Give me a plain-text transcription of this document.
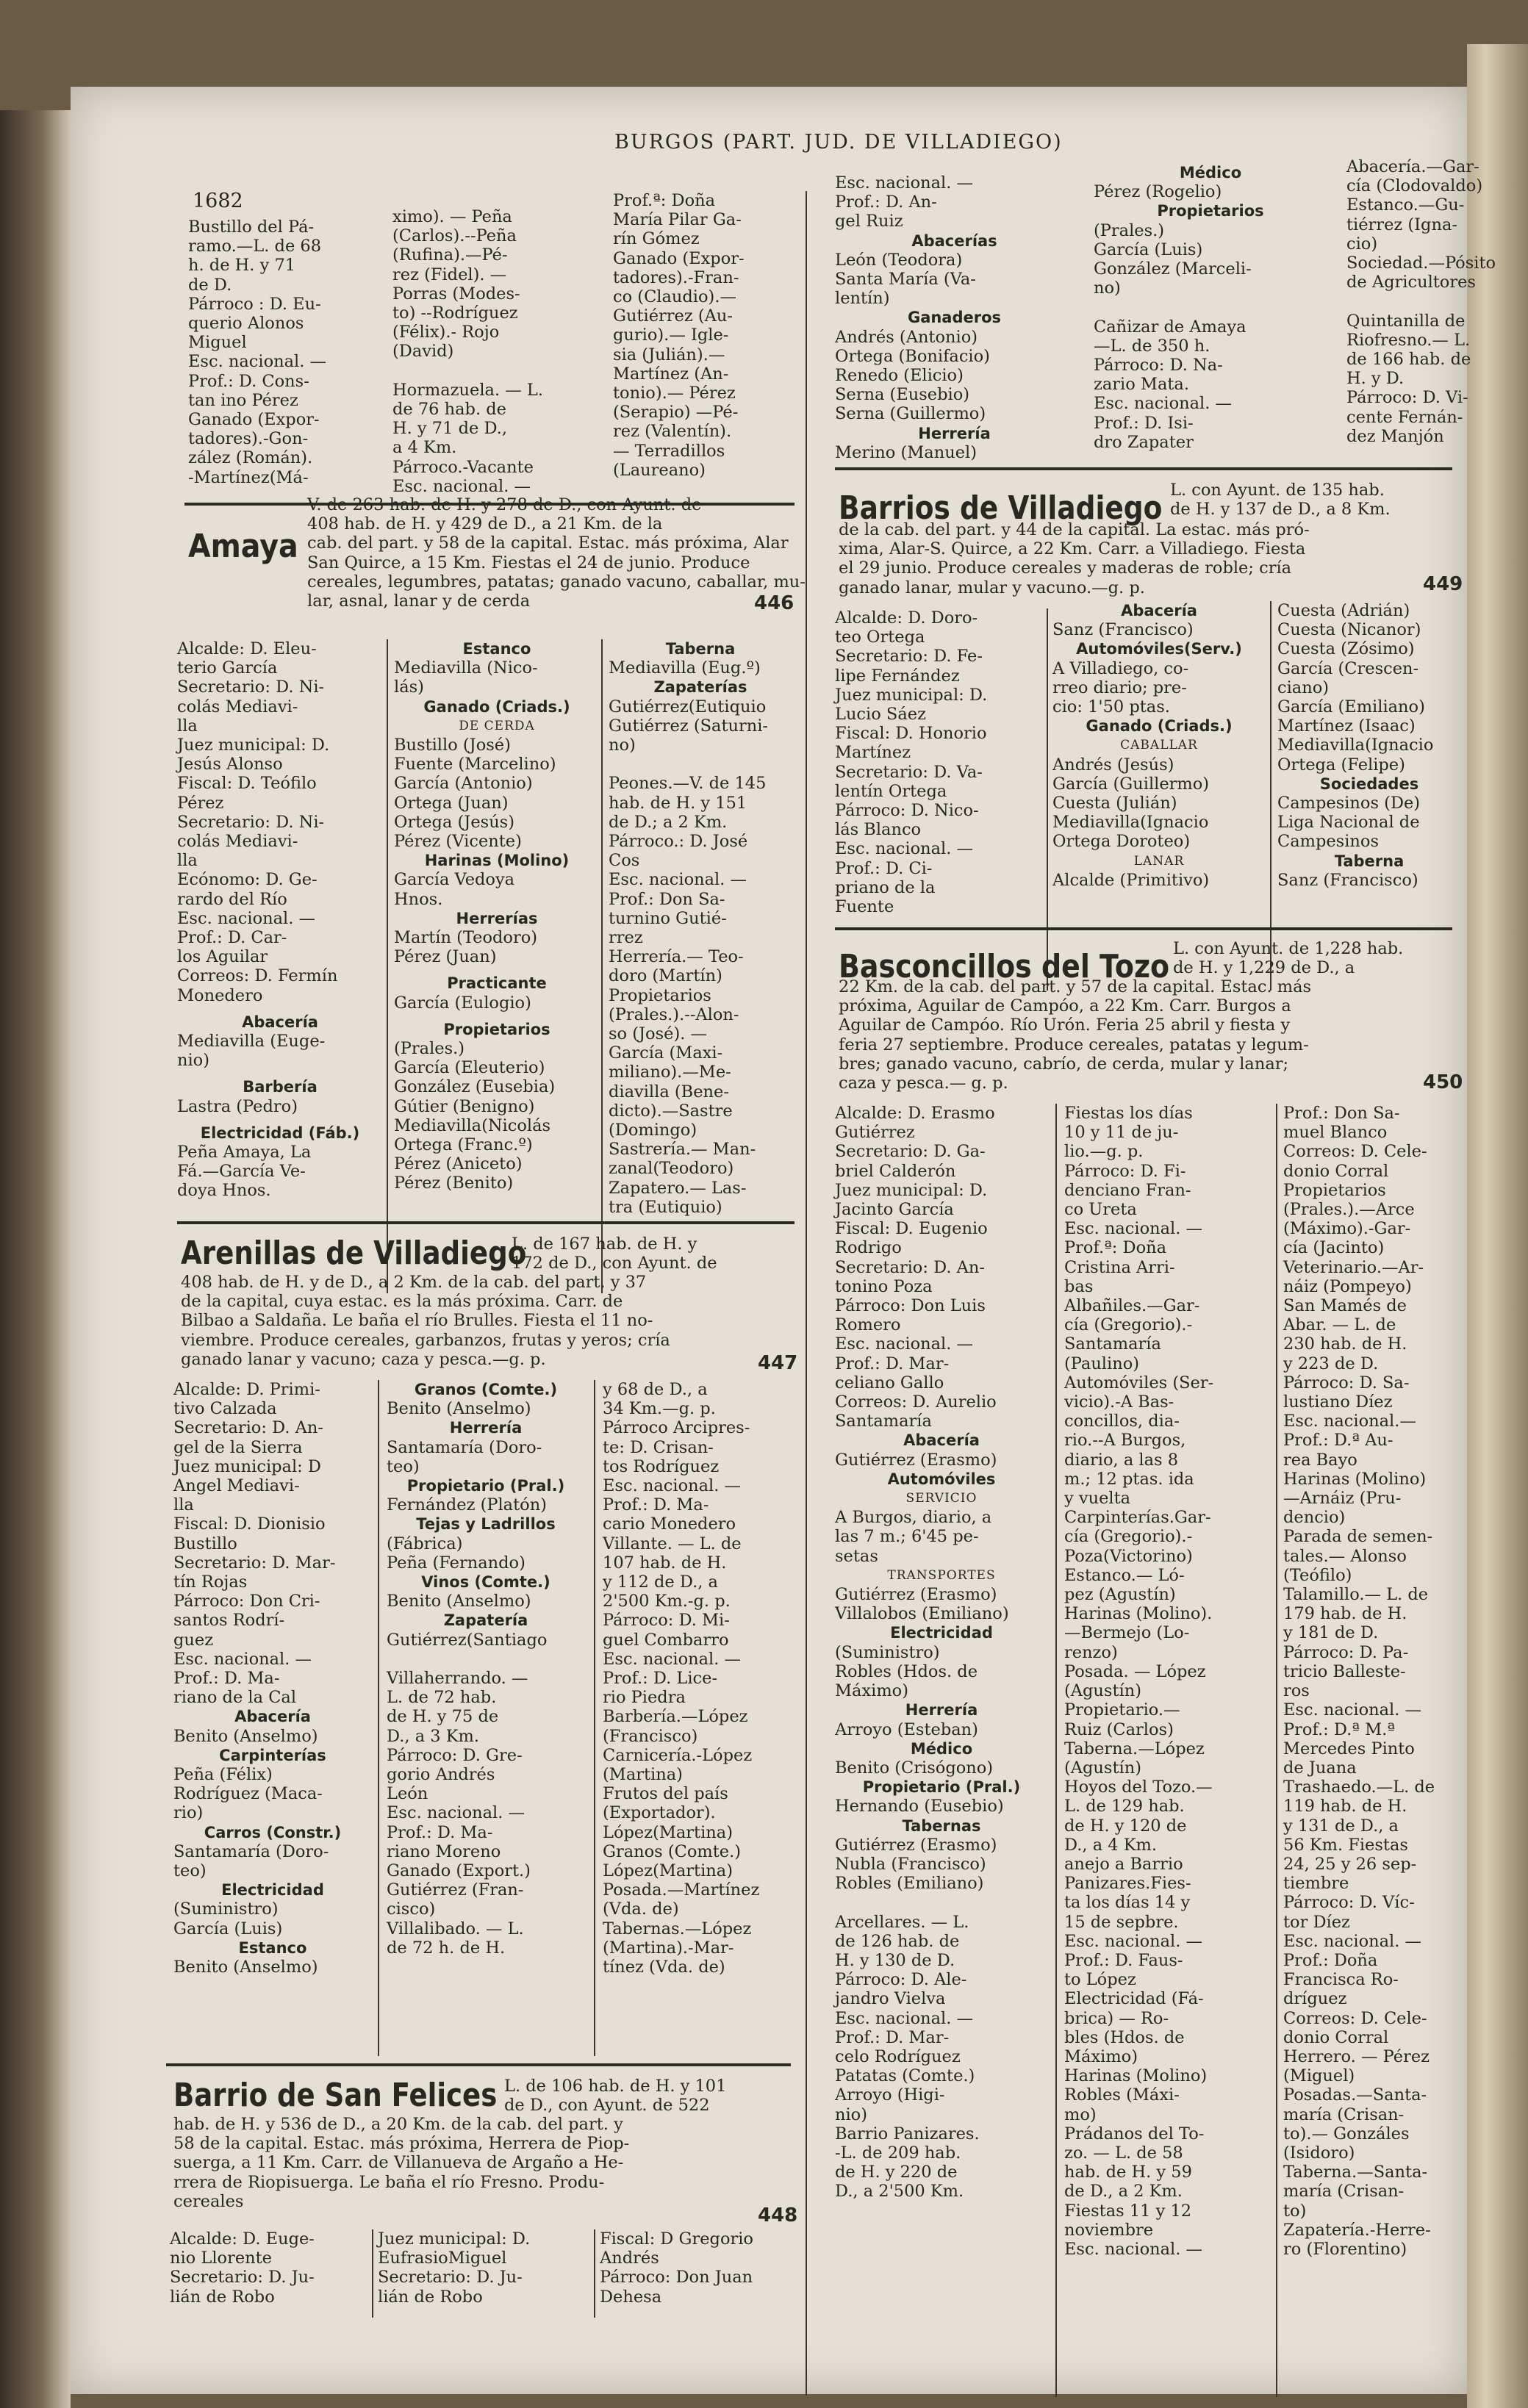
1682
BURGOS (PART. JUD. DE VILLADIEGO)
Bustillo del Pá-
ramo.—L. de 68
h. de H. y 71
de D.
Párroco : D. Eu-
querio Alonos
Miguel
Esc. nacional. —
Prof.: D. Cons-
tan ino Pérez
Ganado (Expor-
tadores).-Gon-
zález (Román).
-Martínez(Má-
ximo). — Peña
(Carlos).--Peña
(Rufina).—Pé-
rez (Fidel). —
Porras (Modes-
to) --Rodríguez
(Félix).- Rojo
(David)

Hormazuela. — L.
de 76 hab. de
H. y 71 de D.,
a 4 Km.
Párroco.-Vacante
Esc. nacional. —
Prof.ª: Doña
María Pilar Ga-
rín Gómez
Ganado (Expor-
tadores).-Fran-
co (Claudio).—
Gutiérrez (Au-
gurio).— Igle-
sia (Julián).—
Martínez (An-
tonio).— Pérez
(Serapio) —Pé-
rez (Valentín).
— Terradillos
(Laureano)
Esc. nacional. —
Prof.: D. An-
gel Ruiz
Abacerías
León (Teodora)
Santa María (Va-
lentín)
Ganaderos
Andrés (Antonio)
Ortega (Bonifacio)
Renedo (Elicio)
Serna (Eusebio)
Serna (Guillermo)
Herrería
Merino (Manuel)
Médico
Pérez (Rogelio)
Propietarios
(Prales.)
García (Luis)
González (Marceli-
no)

Cañizar de Amaya
—L. de 350 h.
Párroco: D. Na-
zario Mata.
Esc. nacional. —
Prof.: D. Isi-
dro Zapater
Abacería.—Gar-
cía (Clodovaldo)
Estanco.—Gu-
tiérrez (Igna-
cio)
Sociedad.—Pósito
de Agricultores

Quintanilla de
Riofresno.— L.
de 166 hab. de
H. y D.
Párroco: D. Vi-
cente Fernán-
dez Manjón
Amaya
V. de 263 hab. de H. y 278 de D., con Ayunt. de
408 hab. de H. y 429 de D., a 21 Km. de la
cab. del part. y 58 de la capital. Estac. más próxima, Alar
San Quirce, a 15 Km. Fiestas el 24 de junio. Produce
cereales, legumbres, patatas; ganado vacuno, caballar, mu-
lar, asnal, lanar y de cerda	446
Alcalde: D. Eleu-
terio García
Secretario: D. Ni-
colás Mediavi-
lla
Juez municipal: D.
Jesús Alonso
Fiscal: D. Teófilo
Pérez
Secretario: D. Ni-
colás Mediavi-
lla
Ecónomo: D. Ge-
rardo del Río
Esc. nacional. —
Prof.: D. Car-
los Aguilar
Correos: D. Fermín
Monedero
Abacería
Mediavilla (Euge-
nio)
Barbería
Lastra (Pedro)
Electricidad (Fáb.)
Peña Amaya, La
Fá.—García Ve-
doya Hnos.
Estanco
Mediavilla (Nico-
lás)
Ganado (Criads.)
DE CERDA
Bustillo (José)
Fuente (Marcelino)
García (Antonio)
Ortega (Juan)
Ortega (Jesús)
Pérez (Vicente)
Harinas (Molino)
García Vedoya
Hnos.
Herrerías
Martín (Teodoro)
Pérez (Juan)
Practicante
García (Eulogio)
Propietarios
(Prales.)
García (Eleuterio)
González (Eusebia)
Gútier (Benigno)
Mediavilla(Nicolás
Ortega (Franc.º)
Pérez (Aniceto)
Pérez (Benito)
Taberna
Mediavilla (Eug.º)
Zapaterías
Gutiérrez(Eutiquio
Gutiérrez (Saturni-
no)

Peones.—V. de 145
hab. de H. y 151
de D.; a 2 Km.
Párroco.: D. José
Cos
Esc. nacional. —
Prof.: Don Sa-
turnino Gutié-
rrez
Herrería.— Teo-
doro (Martín)
Propietarios
(Prales.).--Alon-
so (José). —
García (Maxi-
miliano).—Me-
diavilla (Bene-
dicto).—Sastre
(Domingo)
Sastrería.— Man-
zanal(Teodoro)
Zapatero.— Las-
tra (Eutiquio)
Arenillas de Villadiego
L. de 167 hab. de H. y
172 de D., con Ayunt. de
408 hab. de H. y de D., a 2 Km. de la cab. del part. y 37
de la capital, cuya estac. es la más próxima. Carr. de
Bilbao a Saldaña. Le baña el río Brulles. Fiesta el 11 no-
viembre. Produce cereales, garbanzos, frutas y yeros; cría
ganado lanar y vacuno; caza y pesca.—g. p.	447
Alcalde: D. Primi-
tivo Calzada
Secretario: D. An-
gel de la Sierra
Juez municipal: D
Angel Mediavi-
lla
Fiscal: D. Dionisio
Bustillo
Secretario: D. Mar-
tín Rojas
Párroco: Don Cri-
santos Rodrí-
guez
Esc. nacional. —
Prof.: D. Ma-
riano de la Cal
Abacería
Benito (Anselmo)
Carpinterías
Peña (Félix)
Rodríguez (Maca-
rio)
Carros (Constr.)
Santamaría (Doro-
teo)
Electricidad
(Suministro)
García (Luis)
Estanco
Benito (Anselmo)
Granos (Comte.)
Benito (Anselmo)
Herrería
Santamaría (Doro-
teo)
Propietario (Pral.)
Fernández (Platón)
Tejas y Ladrillos
(Fábrica)
Peña (Fernando)
Vinos (Comte.)
Benito (Anselmo)
Zapatería
Gutiérrez(Santiago

Villaherrando. —
L. de 72 hab.
de H. y 75 de
D., a 3 Km.
Párroco: D. Gre-
gorio Andrés
León
Esc. nacional. —
Prof.: D. Ma-
riano Moreno
Ganado (Export.)
Gutiérrez (Fran-
cisco)
Villalibado. — L.
de 72 h. de H.
y 68 de D., a
34 Km.—g. p.
Párroco Arcipres-
te: D. Crisan-
tos Rodríguez
Esc. nacional. —
Prof.: D. Ma-
cario Monedero
Villante. — L. de
107 hab. de H.
y 112 de D., a
2'500 Km.-g. p.
Párroco: D. Mi-
guel Combarro
Esc. nacional. —
Prof.: D. Lice-
rio Piedra
Barbería.—López
(Francisco)
Carnicería.-López
(Martina)
Frutos del país
(Exportador).
López(Martina)
Granos (Comte.)
López(Martina)
Posada.—Martínez
(Vda. de)
Tabernas.—López
(Martina).-Mar-
tínez (Vda. de)
Barrio de San Felices L. de 106 hab. de H. y 101
de D., con Ayunt. de 522
hab. de H. y 536 de D., a 20 Km. de la cab. del part. y
58 de la capital. Estac. más próxima, Herrera de Piop-
suerga, a 11 Km. Carr. de Villanueva de Argaño a He-
rrera de Riopisuerga. Le baña el río Fresno. Produ-
cereales
448
Alcalde: D. Euge-
nio Llorente
Secretario: D. Ju-
lián de Robo
Juez municipal: D.
EufrasioMiguel
Secretario: D. Ju-
lián de Robo
Fiscal: D Gregorio
Andrés
Párroco: Don Juan
Dehesa
Barrios de Villadiego L. con Ayunt. de 135 hab.
de H. y 137 de D., a 8 Km.
de la cab. del part. y 44 de la capital. La estac. más pró-
xima, Alar-S. Quirce, a 22 Km. Carr. a Villadiego. Fiesta
el 29 junio. Produce cereales y maderas de roble; cría
ganado lanar, mular y vacuno.—g. p.	449
Alcalde: D. Doro-
teo Ortega
Secretario: D. Fe-
lipe Fernández
Juez municipal: D.
Lucio Sáez
Fiscal: D. Honorio
Martínez
Secretario: D. Va-
lentín Ortega
Párroco: D. Nico-
lás Blanco
Esc. nacional. —
Prof.: D. Ci-
priano de la
Fuente
Abacería
Sanz (Francisco)
Automóviles(Serv.)
A Villadiego, co-
rreo diario; pre-
cio: 1'50 ptas.
Ganado (Criads.)
CABALLAR
Andrés (Jesús)
García (Guillermo)
Cuesta (Julián)
Mediavilla(Ignacio
Ortega Doroteo)
LANAR
Alcalde (Primitivo)
Cuesta (Adrián)
Cuesta (Nicanor)
Cuesta (Zósimo)
García (Crescen-
ciano)
García (Emiliano)
Martínez (Isaac)
Mediavilla(Ignacio
Ortega (Felipe)
Sociedades
Campesinos (De)
Liga Nacional de
Campesinos
Taberna
Sanz (Francisco)
Basconcillos del Tozo L. con Ayunt. de 1,228 hab.
de H. y 1,229 de D., a
22 Km. de la cab. del part. y 57 de la capital. Estac. más
próxima, Aguilar de Campóo, a 22 Km. Carr. Burgos a
Aguilar de Campóo. Río Urón. Feria 25 abril y fiesta y
feria 27 septiembre. Produce cereales, patatas y legum-
bres; ganado vacuno, cabrío, de cerda, mular y lanar;
caza y pesca.— g. p.	450
Alcalde: D. Erasmo
Gutiérrez
Secretario: D. Ga-
briel Calderón
Juez municipal: D.
Jacinto García
Fiscal: D. Eugenio
Rodrigo
Secretario: D. An-
tonino Poza
Párroco: Don Luis
Romero
Esc. nacional. —
Prof.: D. Mar-
celiano Gallo
Correos: D. Aurelio
Santamaría
Abacería
Gutiérrez (Erasmo)
Automóviles
SERVICIO
A Burgos, diario, a
las 7 m.; 6'45 pe-
setas
TRANSPORTES
Gutiérrez (Erasmo)
Villalobos (Emiliano)
Electricidad
(Suministro)
Robles (Hdos. de
Máximo)
Herrería
Arroyo (Esteban)
Médico
Benito (Crisógono)
Propietario (Pral.)
Hernando (Eusebio)
Tabernas
Gutiérrez (Erasmo)
Nubla (Francisco)
Robles (Emiliano)

Arcellares. — L.
de 126 hab. de
H. y 130 de D.
Párroco: D. Ale-
jandro Vielva
Esc. nacional. —
Prof.: D. Mar-
celo Rodríguez
Patatas (Comte.)
Arroyo (Higi-
nio)
Barrio Panizares.
-L. de 209 hab.
de H. y 220 de
D., a 2'500 Km.
Fiestas los días
10 y 11 de ju-
lio.—g. p.
Párroco: D. Fi-
denciano Fran-
co Ureta
Esc. nacional. —
Prof.ª: Doña
Cristina Arri-
bas
Albañiles.—Gar-
cía (Gregorio).-
Santamaría
(Paulino)
Automóviles (Ser-
vicio).-A Bas-
concillos, dia-
rio.--A Burgos,
diario, a las 8
m.; 12 ptas. ida
y vuelta
Carpinterías.Gar-
cía (Gregorio).-
Poza(Victorino)
Estanco.— Ló-
pez (Agustín)
Harinas (Molino).
—Bermejo (Lo-
renzo)
Posada. — López
(Agustín)
Propietario.—
Ruiz (Carlos)
Taberna.—López
(Agustín)
Hoyos del Tozo.—
L. de 129 hab.
de H. y 120 de
D., a 4 Km.
anejo a Barrio
Panizares.Fies-
ta los días 14 y
15 de sepbre.
Esc. nacional. —
Prof.: D. Faus-
to López
Electricidad (Fá-
brica) — Ro-
bles (Hdos. de
Máximo)
Harinas (Molino)
Robles (Máxi-
mo)
Prádanos del To-
zo. — L. de 58
hab. de H. y 59
de D., a 2 Km.
Fiestas 11 y 12
noviembre
Esc. nacional. —
Prof.: Don Sa-
muel Blanco
Correos: D. Cele-
donio Corral
Propietarios
(Prales.).—Arce
(Máximo).-Gar-
cía (Jacinto)
Veterinario.—Ar-
náiz (Pompeyo)
San Mamés de
Abar. — L. de
230 hab. de H.
y 223 de D.
Párroco: D. Sa-
lustiano Díez
Esc. nacional.—
Prof.: D.ª Au-
rea Bayo
Harinas (Molino)
—Arnáiz (Pru-
dencio)
Parada de semen-
tales.— Alonso
(Teófilo)
Talamillo.— L. de
179 hab. de H.
y 181 de D.
Párroco: D. Pa-
tricio Balleste-
ros
Esc. nacional. —
Prof.: D.ª M.ª
Mercedes Pinto
de Juana
Trashaedo.—L. de
119 hab. de H.
y 131 de D., a
56 Km. Fiestas
24, 25 y 26 sep-
tiembre
Párroco: D. Víc-
tor Díez
Esc. nacional. —
Prof.: Doña
Francisca Ro-
dríguez
Correos: D. Cele-
donio Corral
Herrero. — Pérez
(Miguel)
Posadas.—Santa-
maría (Crisan-
to).— Gonzáles
(Isidoro)
Taberna.—Santa-
maría (Crisan-
to)
Zapatería.-Herre-
ro (Florentino)
